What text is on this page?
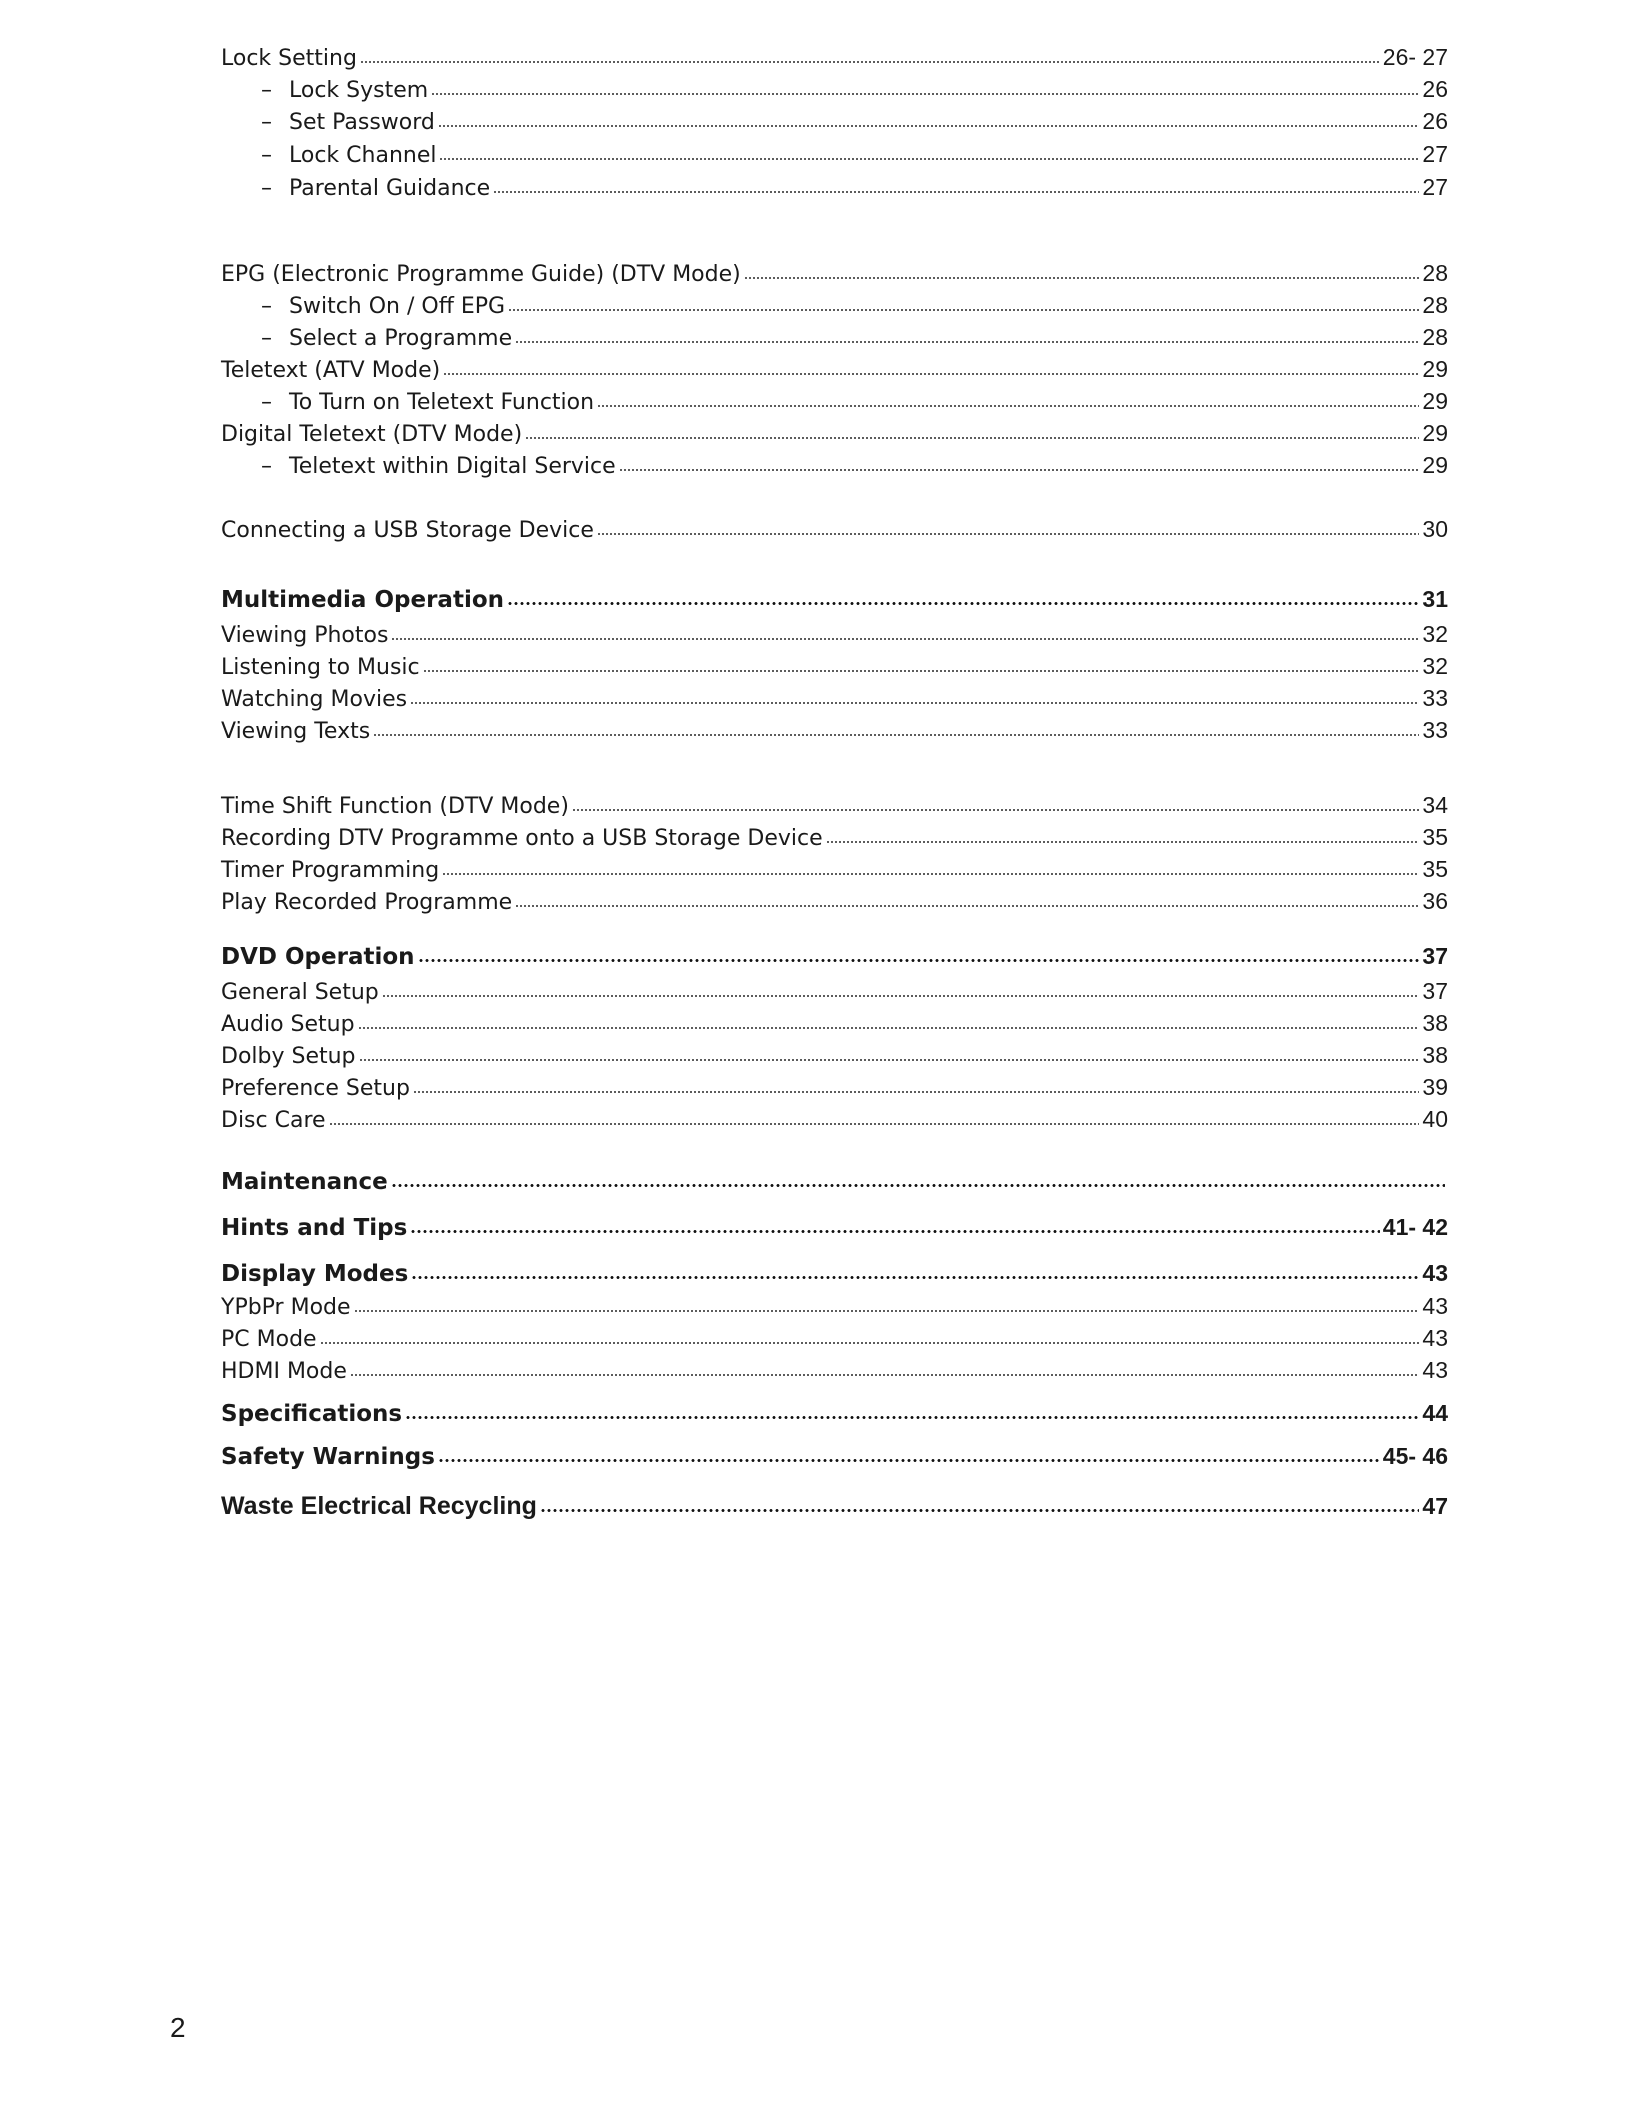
Lock Setting	26- 27
– Lock System	26
– Set Password	26
– Lock Channel	27
– Parental Guidance	27
EPG (Electronic Programme Guide) (DTV Mode)	28
– Switch On / Off EPG	28
– Select a Programme	28
Teletext (ATV Mode)	29
– To Turn on Teletext Function	29
Digital Teletext (DTV Mode)	29
– Teletext within Digital Service	29
Connecting a USB Storage Device	30
Multimedia Operation	31
Viewing Photos	32
Listening to Music	32
Watching Movies	33
Viewing Texts	33
Time Shift Function (DTV Mode)	34
Recording DTV Programme onto a USB Storage Device	35
Timer Programming	35
Play Recorded Programme	36
DVD Operation	37
General Setup	37
Audio Setup	38
Dolby Setup	38
Preference Setup	39
Disc Care	40
Maintenance
Hints and Tips	41- 42
Display Modes	43
YPbPr Mode	43
PC Mode	43
HDMI Mode	43
Specifications	44
Safety Warnings	45- 46
Waste Electrical Recycling	47
2
